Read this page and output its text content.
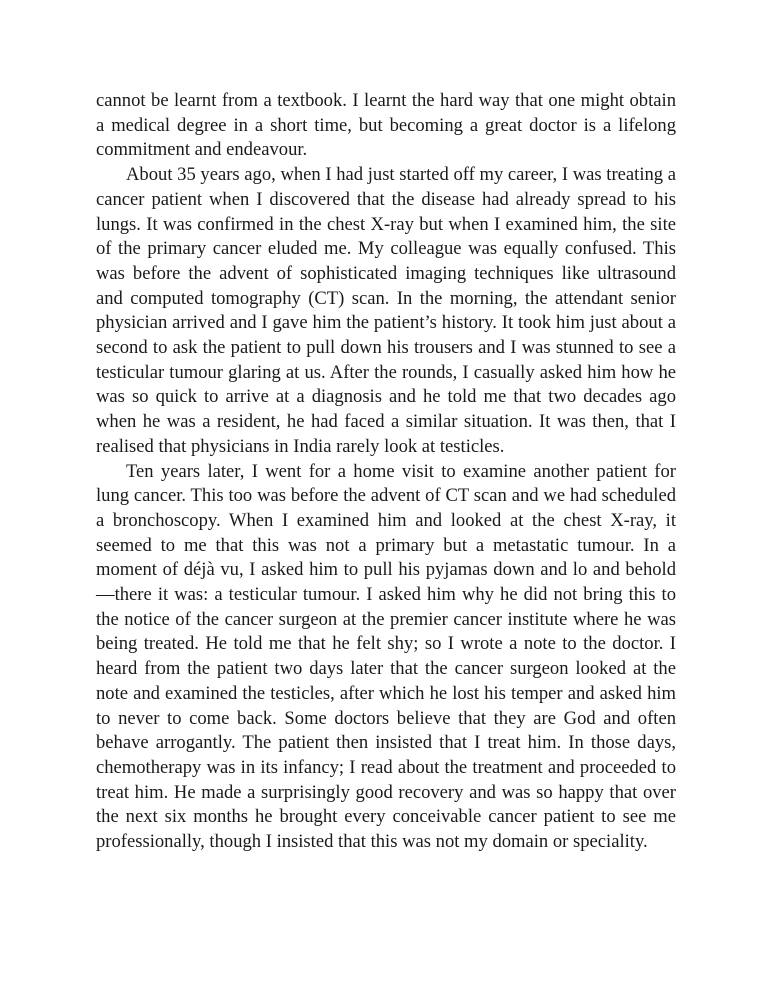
cannot be learnt from a textbook. I learnt the hard way that one might obtain a medical degree in a short time, but becoming a great doctor is a lifelong commitment and endeavour.

About 35 years ago, when I had just started off my career, I was treating a cancer patient when I discovered that the disease had already spread to his lungs. It was confirmed in the chest X-ray but when I examined him, the site of the primary cancer eluded me. My colleague was equally confused. This was before the advent of sophisticated imaging techniques like ultrasound and computed tomography (CT) scan. In the morning, the attendant senior physician arrived and I gave him the patient’s history. It took him just about a second to ask the patient to pull down his trousers and I was stunned to see a testicular tumour glaring at us. After the rounds, I casually asked him how he was so quick to arrive at a diagnosis and he told me that two decades ago when he was a resident, he had faced a similar situation. It was then, that I realised that physicians in India rarely look at testicles.

Ten years later, I went for a home visit to examine another patient for lung cancer. This too was before the advent of CT scan and we had scheduled a bronchoscopy. When I examined him and looked at the chest X-ray, it seemed to me that this was not a primary but a metastatic tumour. In a moment of déjà vu, I asked him to pull his pyjamas down and lo and behold—there it was: a testicular tumour. I asked him why he did not bring this to the notice of the cancer surgeon at the premier cancer institute where he was being treated. He told me that he felt shy; so I wrote a note to the doctor. I heard from the patient two days later that the cancer surgeon looked at the note and examined the testicles, after which he lost his temper and asked him to never to come back. Some doctors believe that they are God and often behave arrogantly. The patient then insisted that I treat him. In those days, chemotherapy was in its infancy; I read about the treatment and proceeded to treat him. He made a surprisingly good recovery and was so happy that over the next six months he brought every conceivable cancer patient to see me professionally, though I insisted that this was not my domain or speciality.
